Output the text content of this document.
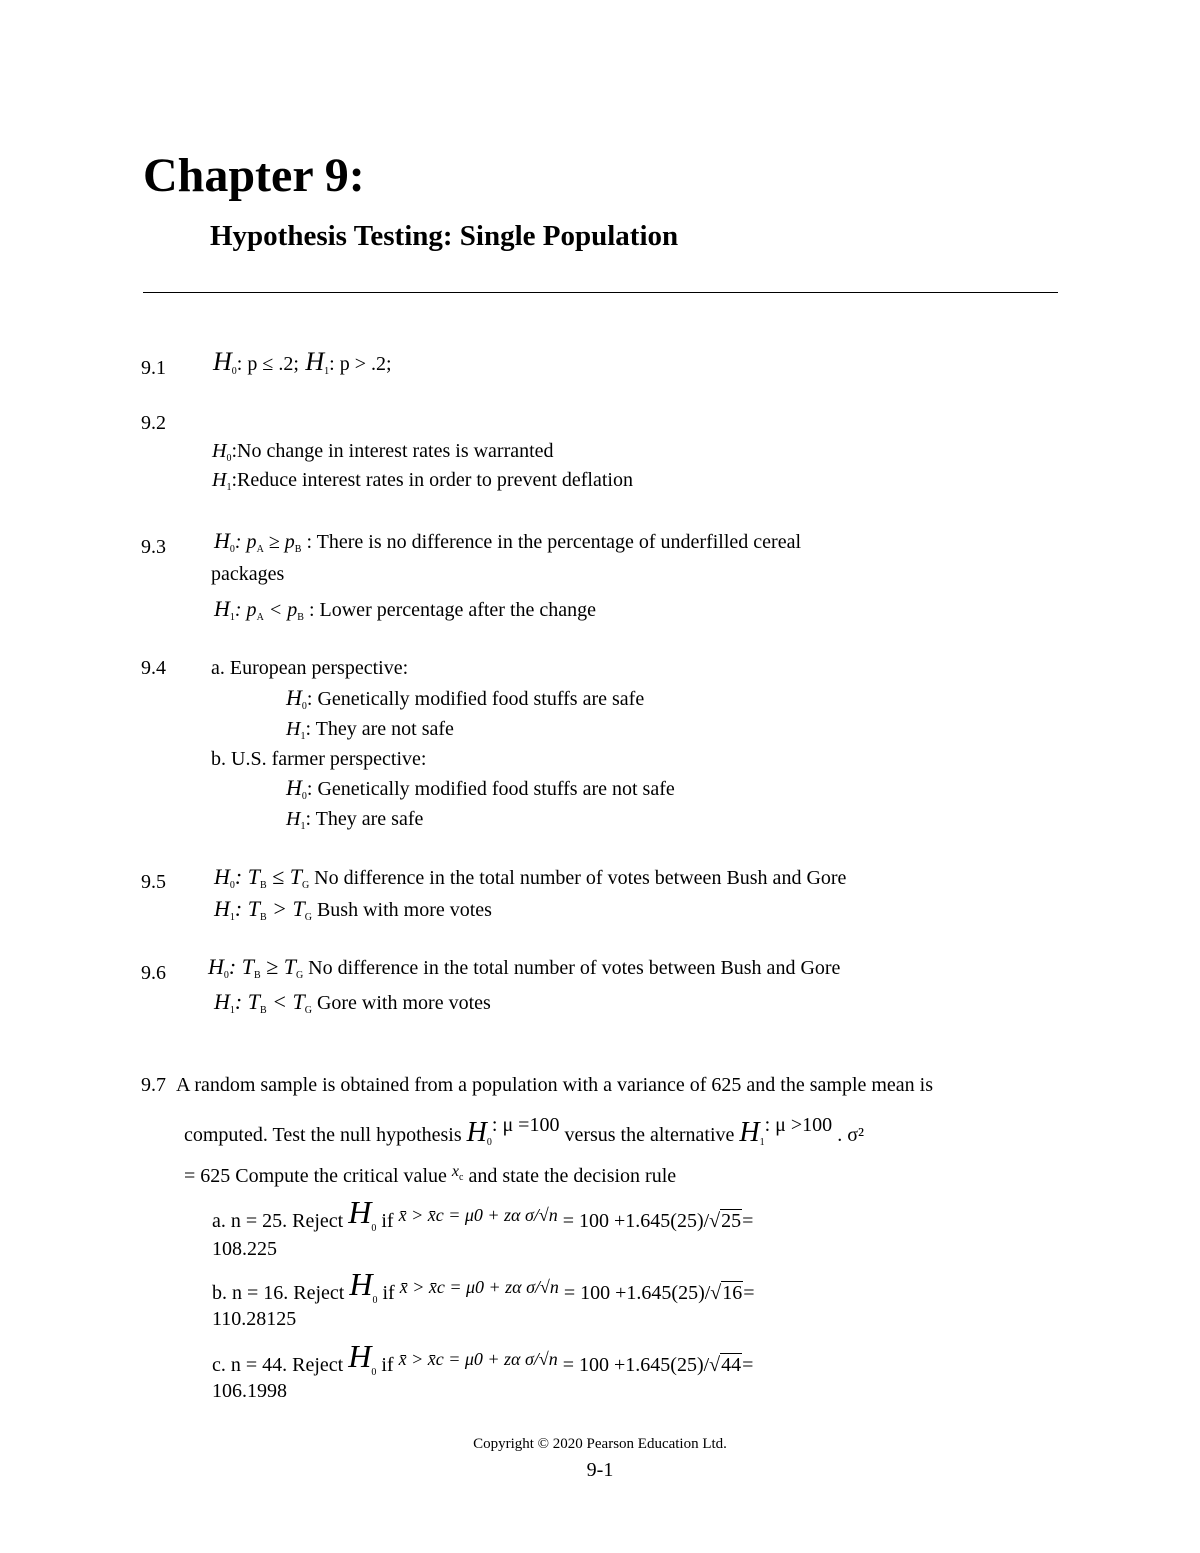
Chapter 9:
Hypothesis Testing: Single Population
9.1 H0: p ≤ .2; H1: p > .2;
9.2
$H_0:No$ change in interest rates is warranted
$H_1:Reduce$ interest rates in order to prevent deflation
9.3 $H_0$: $p_A \ge p_B$ : There is no difference in the percentage of underfilled cereal
packages
$H_1$: $p_A < p_B$ : Lower percentage after the change
9.4 a. European perspective:
$H_0$: Genetically modified food stuffs are safe
$H_1$: They are not safe
b. U.S. farmer perspective:
$H_0$: Genetically modified food stuffs are not safe
$H_1$: They are safe
9.5 $H_0$: $T_B \le T_G$ No difference in the total number of votes between Bush and Gore
$H_1$: $T_B > T_G$ Bush with more votes
9.6 $H_0$: $T_B \ge T_G$ No difference in the total number of votes between Bush and Gore
$H_1$: $T_B < T_G$ Gore with more votes
9.7 A random sample is obtained from a population with a variance of 625 and the sample mean is
computed. Test the null hypothesis $H_0$: μ =100 versus the alternative $H_1$: μ >100 . σ²
= 625 Compute the critical value $^x$c and state the decision rule
a. n = 25. Reject $H_0$ if x̄ > x̄c = μ0 + zα σ/√n = 100 +1.645(25)/√25=
108.225
b. n = 16. Reject $H_0$ if x̄ > x̄c = μ0 + zα σ/√n = 100 +1.645(25)/√16=
110.28125
c. n = 44. Reject $H_0$ if x̄ > x̄c = μ0 + zα σ/√n = 100 +1.645(25)/√44=
106.1998
Copyright © 2020 Pearson Education Ltd.
9-1
